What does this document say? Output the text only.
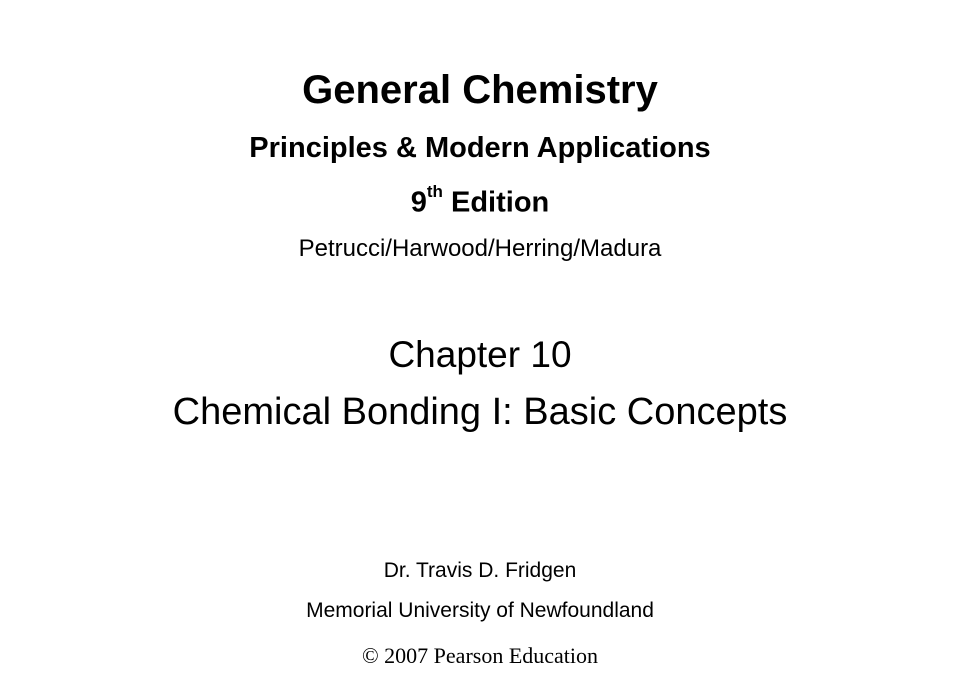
General Chemistry
Principles & Modern Applications
9th Edition
Petrucci/Harwood/Herring/Madura
Chapter 10
Chemical Bonding I: Basic Concepts
Dr. Travis D. Fridgen
Memorial University of Newfoundland
© 2007 Pearson Education
